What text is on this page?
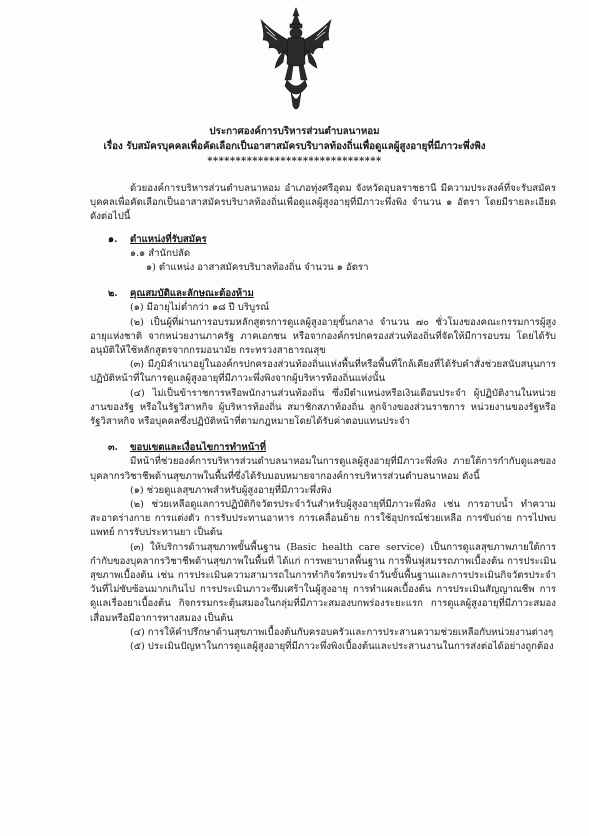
ประกาศองค์การบริหารส่วนตำบลนาหอม
เรื่อง รับสมัครบุคคลเพื่อคัดเลือกเป็นอาสาสมัครบริบาลท้องถิ่นเพื่อดูแลผู้สูงอายุที่มีภาวะพึ่งพิง
*******************************

ด้วยองค์การบริหารส่วนตำบลนาหอม อำเภอทุ่งศรีอุดม จังหวัดอุบลราชธานี มีความประสงค์ที่จะรับสมัครบุคคลเพื่อคัดเลือกเป็นอาสาสมัครบริบาลท้องถิ่นเพื่อดูแลผู้สูงอายุที่มีภาวะพึ่งพิง จำนวน ๑ อัตรา โดยมีรายละเอียดดังต่อไปนี้

๑. ตำแหน่งที่รับสมัคร

๑.๑ สำนักปลัด

๑) ตำแหน่ง อาสาสมัครบริบาลท้องถิ่น จำนวน ๑ อัตรา

๒. คุณสมบัติและลักษณะต้องห้าม

(๑) มีอายุไม่ต่ำกว่า ๑๘ ปี บริบูรณ์

(๒) เป็นผู้ที่ผ่านการอบรมหลักสูตรการดูแลผู้สูงอายุขั้นกลาง จำนวน ๗๐ ชั่วโมงของคณะกรรมการผู้สูงอายุแห่งชาติ จากหน่วยงานภาครัฐ ภาคเอกชน หรือจากองค์กรปกครองส่วนท้องถิ่นที่จัดให้มีการอบรม โดยได้รับอนุมัติให้ใช้หลักสูตรจากกรมอนามัย กระทรวงสาธารณสุข

(๓) มีภูมิลำเนาอยู่ในองค์กรปกครองส่วนท้องถิ่นแห่งพื้นที่หรือพื้นที่ใกล้เคียงที่ได้รับคำสั่งช่วยสนับสนุนการปฏิบัติหน้าที่ในการดูแลผู้สูงอายุที่มีภาวะพึ่งพิงจากผู้บริหารท้องถิ่นแห่งนั้น

(๔) ไม่เป็นข้าราชการหรือพนักงานส่วนท้องถิ่น ซึ่งมีตำแหน่งหรือเงินเดือนประจำ ผู้ปฏิบัติงานในหน่วยงานของรัฐ หรือในรัฐวิสาหกิจ ผู้บริหารท้องถิ่น สมาชิกสภาท้องถิ่น ลูกจ้างของส่วนราชการ หน่วยงานของรัฐหรือรัฐวิสาหกิจ หรือบุคคลซึ่งปฏิบัติหน้าที่ตามกฎหมายโดยได้รับค่าตอบแทนประจำ

๓. ขอบเขตและเงื่อนไขการทำหน้าที่

มีหน้าที่ช่วยองค์การบริหารส่วนตำบลนาหอมในการดูแลผู้สูงอายุที่มีภาวะพึ่งพิง ภายใต้การกำกับดูแลของบุคลากรวิชาชีพด้านสุขภาพในพื้นที่ซึ่งได้รับมอบหมายจากองค์การบริหารส่วนตำบลนาหอม ดังนี้

(๑) ช่วยดูแลสุขภาพสำหรับผู้สูงอายุที่มีภาวะพึ่งพิง

(๒) ช่วยเหลือดูแลการปฏิบัติกิจวัตรประจำวันสำหรับผู้สูงอายุที่มีภาวะพึ่งพิง เช่น การอาบน้ำ ทำความสะอาดร่างกาย การแต่งตัว การรับประทานอาหาร การเคลื่อนย้าย การใช้อุปกรณ์ช่วยเหลือ การขับถ่าย การไปพบแพทย์ การรับประทานยา เป็นต้น

(๓) ให้บริการด้านสุขภาพขั้นพื้นฐาน (Basic health care service) เป็นการดูแลสุขภาพภายใต้การกำกับของบุคลากรวิชาชีพด้านสุขภาพในพื้นที่ ได้แก่ การพยาบาลพื้นฐาน การฟื้นฟูสมรรถภาพเบื้องต้น การประเมินสุขภาพเบื้องต้น เช่น การประเมินความสามารถในการทำกิจวัตรประจำวันขั้นพื้นฐานและการประเมินกิจวัตรประจำวันที่ไม่ซับซ้อนมากเกินไป การประเมินภาวะซึมเศร้าในผู้สูงอายุ การทำแผลเบื้องต้น การประเมินสัญญาณชีพ การดูแลเรื่องยาเบื้องต้น กิจกรรมกระตุ้นสมองในกลุ่มที่มีภาวะสมองบกพร่องระยะแรก การดูแลผู้สูงอายุที่มีภาวะสมองเสื่อมหรือมีอาการทางสมอง เป็นต้น

(๔) การให้คำปรึกษาด้านสุขภาพเบื้องต้นกับครอบครัวและการประสานความช่วยเหลือกับหน่วยงานต่างๆ

(๕) ประเมินปัญหาในการดูแลผู้สูงอายุที่มีภาวะพึ่งพิงเบื้องต้นและประสานงานในการส่งต่อได้อย่างถูกต้อง
